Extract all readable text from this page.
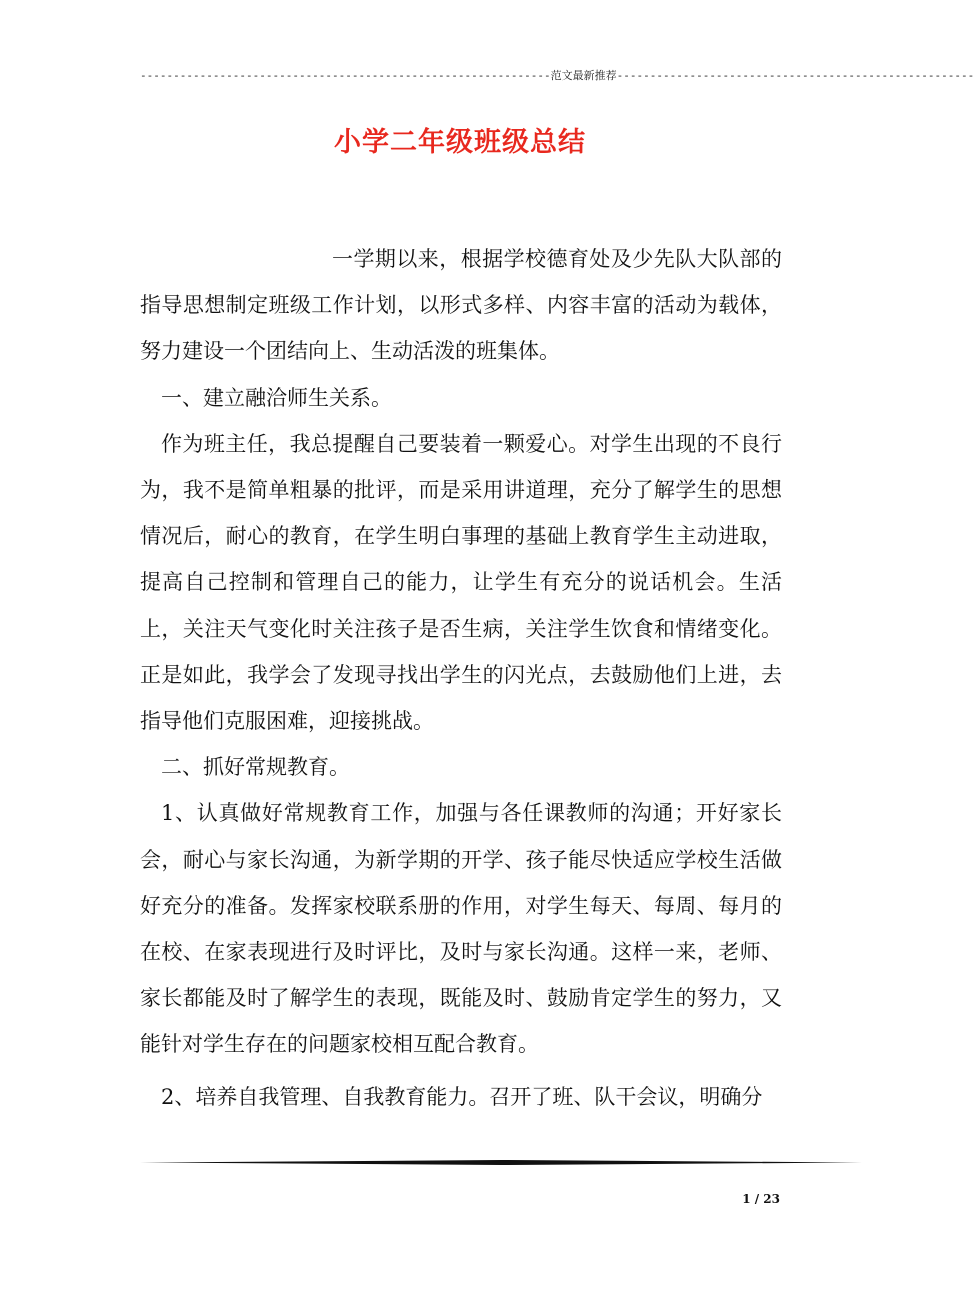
--------------------------------------------------------------范文最新推荐------------------------------------------------------
小学二年级班级总结

一学期以来，根据学校德育处及少先队大队部的指导思想制定班级工作计划，以形式多样、内容丰富的活动为载体，努力建设一个团结向上、生动活泼的班集体。

一、建立融洽师生关系。

作为班主任，我总提醒自己要装着一颗爱心。对学生出现的不良行为，我不是简单粗暴的批评，而是采用讲道理，充分了解学生的思想情况后，耐心的教育，在学生明白事理的基础上教育学生主动进取，提高自己控制和管理自己的能力，让学生有充分的说话机会。生活上，关注天气变化时关注孩子是否生病，关注学生饮食和情绪变化。正是如此，我学会了发现寻找出学生的闪光点，去鼓励他们上进，去指导他们克服困难，迎接挑战。

二、抓好常规教育。

1、认真做好常规教育工作，加强与各任课教师的沟通；开好家长会，耐心与家长沟通，为新学期的开学、孩子能尽快适应学校生活做好充分的准备。发挥家校联系册的作用，对学生每天、每周、每月的在校、在家表现进行及时评比，及时与家长沟通。这样一来，老师、家长都能及时了解学生的表现，既能及时、鼓励肯定学生的努力，又能针对学生存在的问题家校相互配合教育。

2、培养自我管理、自我教育能力。召开了班、队干会议，明确分

1 / 23
